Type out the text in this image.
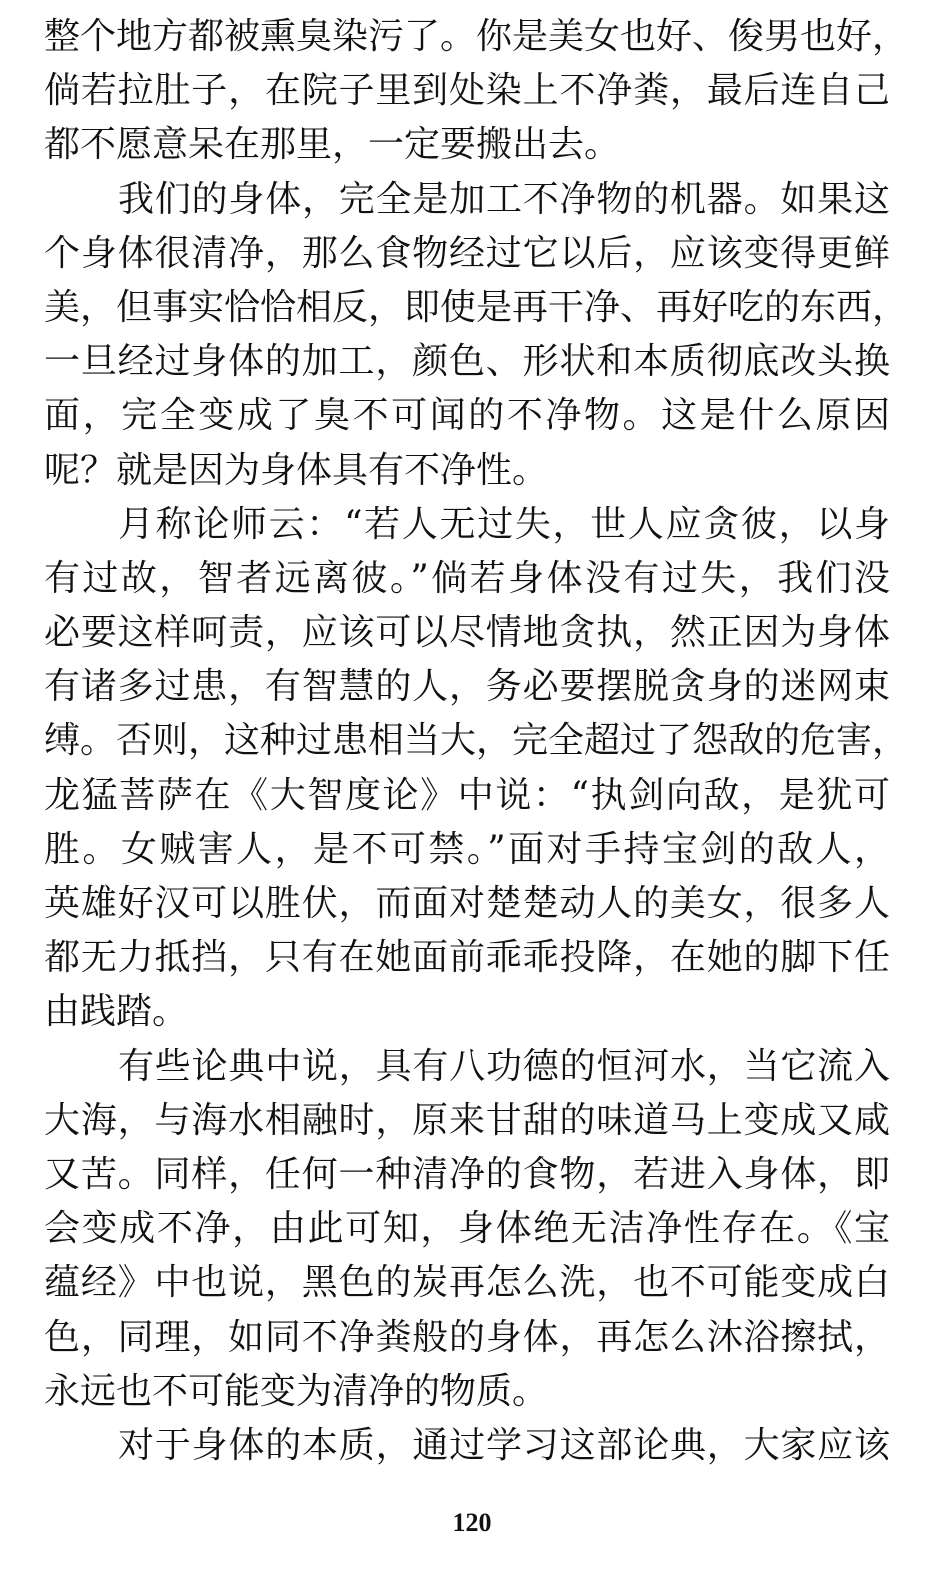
整个地方都被熏臭染污了。你是美女也好、俊男也好，
倘若拉肚子，在院子里到处染上不净粪，最后连自己
都不愿意呆在那里，一定要搬出去。
我们的身体，完全是加工不净物的机器。如果这
个身体很清净，那么食物经过它以后，应该变得更鲜
美，但事实恰恰相反，即使是再干净、再好吃的东西，
一旦经过身体的加工，颜色、形状和本质彻底改头换
面，完全变成了臭不可闻的不净物。这是什么原因
呢？就是因为身体具有不净性。
月称论师云：“若人无过失，世人应贪彼，以身
有过故，智者远离彼。”倘若身体没有过失，我们没
必要这样呵责，应该可以尽情地贪执，然正因为身体
有诸多过患，有智慧的人，务必要摆脱贪身的迷网束
缚。否则，这种过患相当大，完全超过了怨敌的危害，
龙猛菩萨在《大智度论》中说：“执剑向敌，是犹可
胜。女贼害人，是不可禁。”面对手持宝剑的敌人，
英雄好汉可以胜伏，而面对楚楚动人的美女，很多人
都无力抵挡，只有在她面前乖乖投降，在她的脚下任
由践踏。
有些论典中说，具有八功德的恒河水，当它流入
大海，与海水相融时，原来甘甜的味道马上变成又咸
又苦。同样，任何一种清净的食物，若进入身体，即
会变成不净，由此可知，身体绝无洁净性存在。《宝
蕴经》中也说，黑色的炭再怎么洗，也不可能变成白
色，同理，如同不净粪般的身体，再怎么沐浴擦拭，
永远也不可能变为清净的物质。
对于身体的本质，通过学习这部论典，大家应该
120
